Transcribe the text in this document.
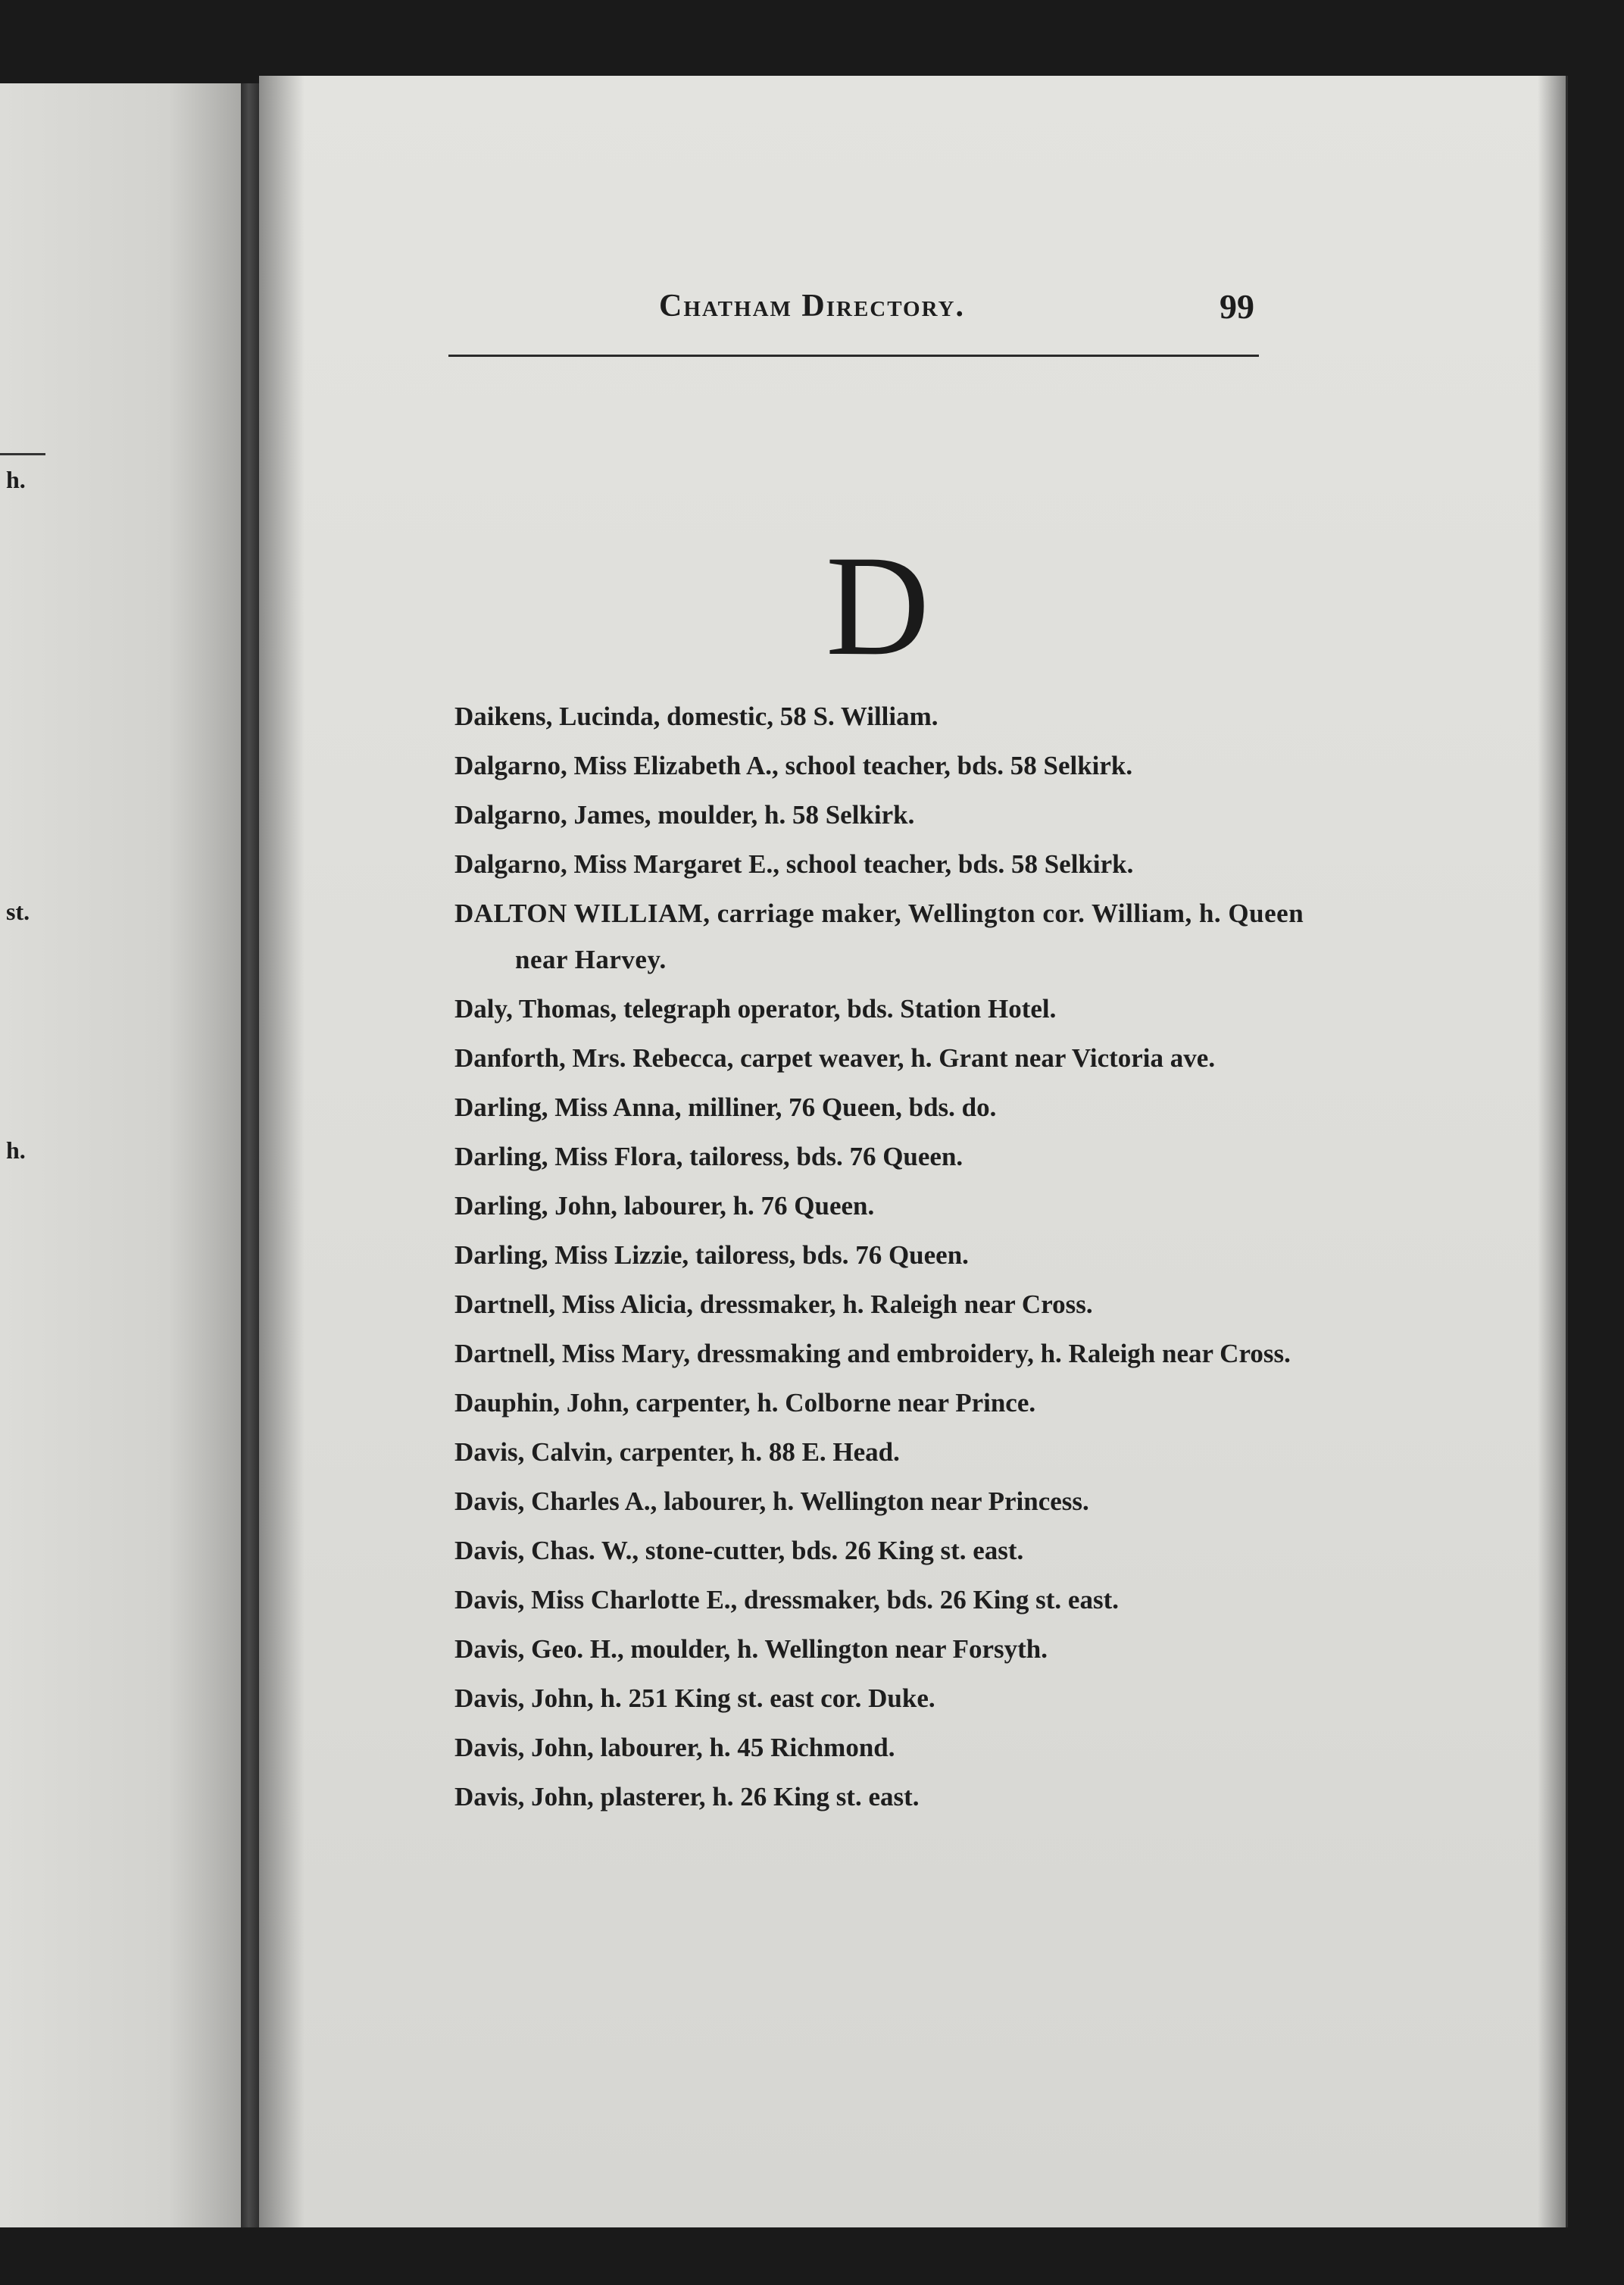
h.
st.
h.
Chatham Directory.	99
D
Daikens, Lucinda, domestic, 58 S. William.
Dalgarno, Miss Elizabeth A., school teacher, bds. 58 Selkirk.
Dalgarno, James, moulder, h. 58 Selkirk.
Dalgarno, Miss Margaret E., school teacher, bds. 58 Selkirk.
DALTON WILLIAM, carriage maker, Wellington cor. William, h. Queen near Harvey.
Daly, Thomas, telegraph operator, bds. Station Hotel.
Danforth, Mrs. Rebecca, carpet weaver, h. Grant near Victoria ave.
Darling, Miss Anna, milliner, 76 Queen, bds. do.
Darling, Miss Flora, tailoress, bds. 76 Queen.
Darling, John, labourer, h. 76 Queen.
Darling, Miss Lizzie, tailoress, bds. 76 Queen.
Dartnell, Miss Alicia, dressmaker, h. Raleigh near Cross.
Dartnell, Miss Mary, dressmaking and embroidery, h. Raleigh near Cross.
Dauphin, John, carpenter, h. Colborne near Prince.
Davis, Calvin, carpenter, h. 88 E. Head.
Davis, Charles A., labourer, h. Wellington near Princess.
Davis, Chas. W., stone-cutter, bds. 26 King st. east.
Davis, Miss Charlotte E., dressmaker, bds. 26 King st. east.
Davis, Geo. H., moulder, h. Wellington near Forsyth.
Davis, John, h. 251 King st. east cor. Duke.
Davis, John, labourer, h. 45 Richmond.
Davis, John, plasterer, h. 26 King st. east.
